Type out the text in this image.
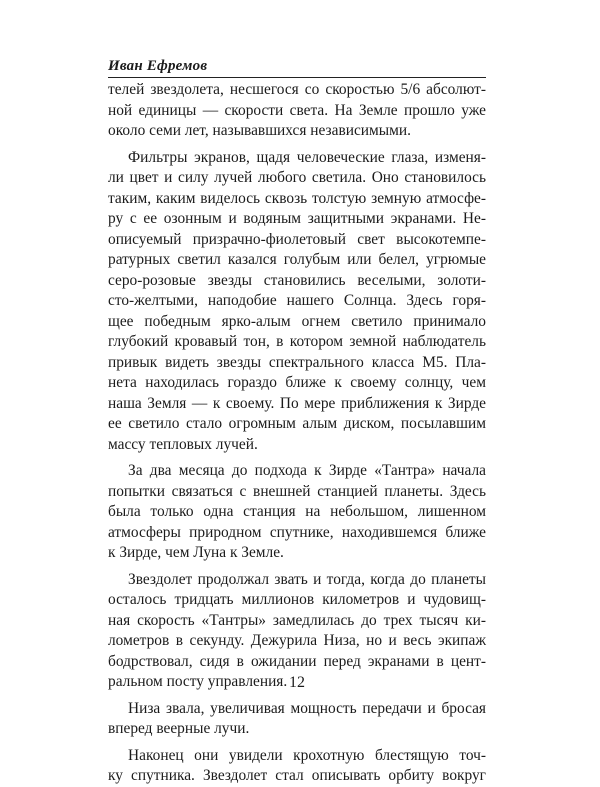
Иван Ефремов

телей звездолета, несшегося со скоростью 5/6 абсолют-
ной единицы — скорости света. На Земле прошло уже
около семи лет, называвшихся независимыми.

Фильтры экранов, щадя человеческие глаза, изменя-
ли цвет и силу лучей любого светила. Оно становилось
таким, каким виделось сквозь толстую земную атмосфе-
ру с ее озонным и водяным защитными экранами. Не-
описуемый призрачно-фиолетовый свет высокотемпе-
ратурных светил казался голубым или белел, угрюмые
серо-розовые звезды становились веселыми, золоти-
сто-желтыми, наподобие нашего Солнца. Здесь горя-
щее победным ярко-алым огнем светило принимало
глубокий кровавый тон, в котором земной наблюдатель
привык видеть звезды спектрального класса М5. Пла-
нета находилась гораздо ближе к своему солнцу, чем
наша Земля — к своему. По мере приближения к Зирде
ее светило стало огромным алым диском, посылавшим
массу тепловых лучей.

За два месяца до подхода к Зирде «Тантра» начала
попытки связаться с внешней станцией планеты. Здесь
была только одна станция на небольшом, лишенном
атмосферы природном спутнике, находившемся ближе
к Зирде, чем Луна к Земле.

Звездолет продолжал звать и тогда, когда до планеты
осталось тридцать миллионов километров и чудовищ-
ная скорость «Тантры» замедлилась до трех тысяч ки-
лометров в секунду. Дежурила Низа, но и весь экипаж
бодрствовал, сидя в ожидании перед экранами в цент-
ральном посту управления.

Низа звала, увеличивая мощность передачи и бросая
вперед веерные лучи.

Наконец они увидели крохотную блестящую точ-
ку спутника. Звездолет стал описывать орбиту вокруг

12
